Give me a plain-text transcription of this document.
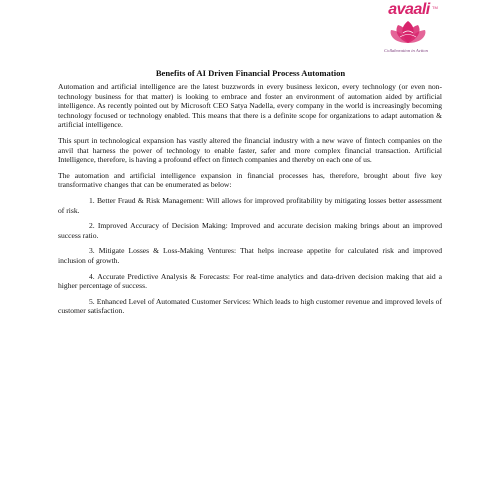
avaali TM
Collaboration in Action
Benefits of AI Driven Financial Process Automation

Automation and artificial intelligence are the latest buzzwords in every business lexicon, every technology (or even non-technology business for that matter) is looking to embrace and foster an environment of automation aided by artificial intelligence. As recently pointed out by Microsoft CEO Satya Nadella, every company in the world is increasingly becoming technology focused or technology enabled. This means that there is a definite scope for organizations to adapt automation & artificial intelligence.

This spurt in technological expansion has vastly altered the financial industry with a new wave of fintech companies on the anvil that harness the power of technology to enable faster, safer and more complex financial transaction. Artificial Intelligence, therefore, is having a profound effect on fintech companies and thereby on each one of us.

The automation and artificial intelligence expansion in financial processes has, therefore, brought about five key transformative changes that can be enumerated as below:

1. Better Fraud & Risk Management: Will allows for improved profitability by mitigating losses better assessment of risk.

2. Improved Accuracy of Decision Making: Improved and accurate decision making brings about an improved success ratio.

3. Mitigate Losses & Loss-Making Ventures: That helps increase appetite for calculated risk and improved inclusion of growth.

4. Accurate Predictive Analysis & Forecasts: For real-time analytics and data-driven decision making that aid a higher percentage of success.

5. Enhanced Level of Automated Customer Services: Which leads to high customer revenue and improved levels of customer satisfaction.
